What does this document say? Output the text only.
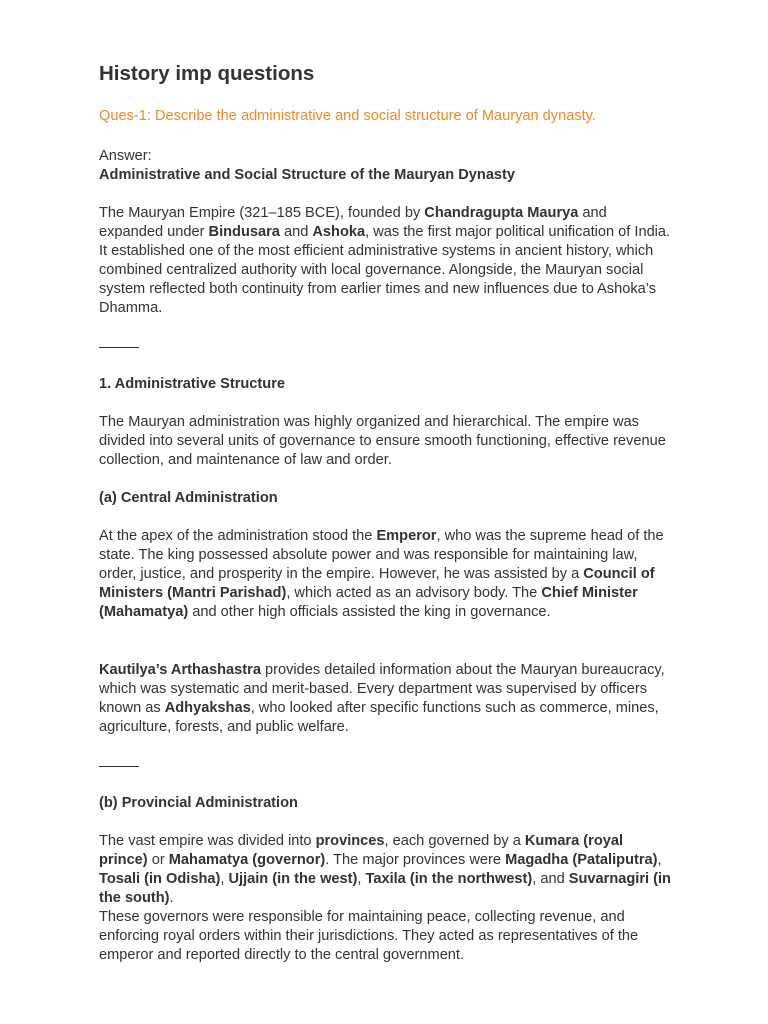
History imp questions

Ques-1: Describe the administrative and social structure of Mauryan dynasty.

Answer:
Administrative and Social Structure of the Mauryan Dynasty

The Mauryan Empire (321–185 BCE), founded by Chandragupta Maurya and expanded under Bindusara and Ashoka, was the first major political unification of India. It established one of the most efficient administrative systems in ancient history, which combined centralized authority with local governance. Alongside, the Mauryan social system reflected both continuity from earlier times and new influences due to Ashoka’s Dhamma.

1. Administrative Structure

The Mauryan administration was highly organized and hierarchical. The empire was divided into several units of governance to ensure smooth functioning, effective revenue collection, and maintenance of law and order.

(a) Central Administration

At the apex of the administration stood the Emperor, who was the supreme head of the state. The king possessed absolute power and was responsible for maintaining law, order, justice, and prosperity in the empire. However, he was assisted by a Council of Ministers (Mantri Parishad), which acted as an advisory body. The Chief Minister (Mahamatya) and other high officials assisted the king in governance.

Kautilya’s Arthashastra provides detailed information about the Mauryan bureaucracy, which was systematic and merit-based. Every department was supervised by officers known as Adhyakshas, who looked after specific functions such as commerce, mines, agriculture, forests, and public welfare.

(b) Provincial Administration

The vast empire was divided into provinces, each governed by a Kumara (royal prince) or Mahamatya (governor). The major provinces were Magadha (Pataliputra), Tosali (in Odisha), Ujjain (in the west), Taxila (in the northwest), and Suvarnagiri (in the south).
These governors were responsible for maintaining peace, collecting revenue, and enforcing royal orders within their jurisdictions. They acted as representatives of the emperor and reported directly to the central government.
